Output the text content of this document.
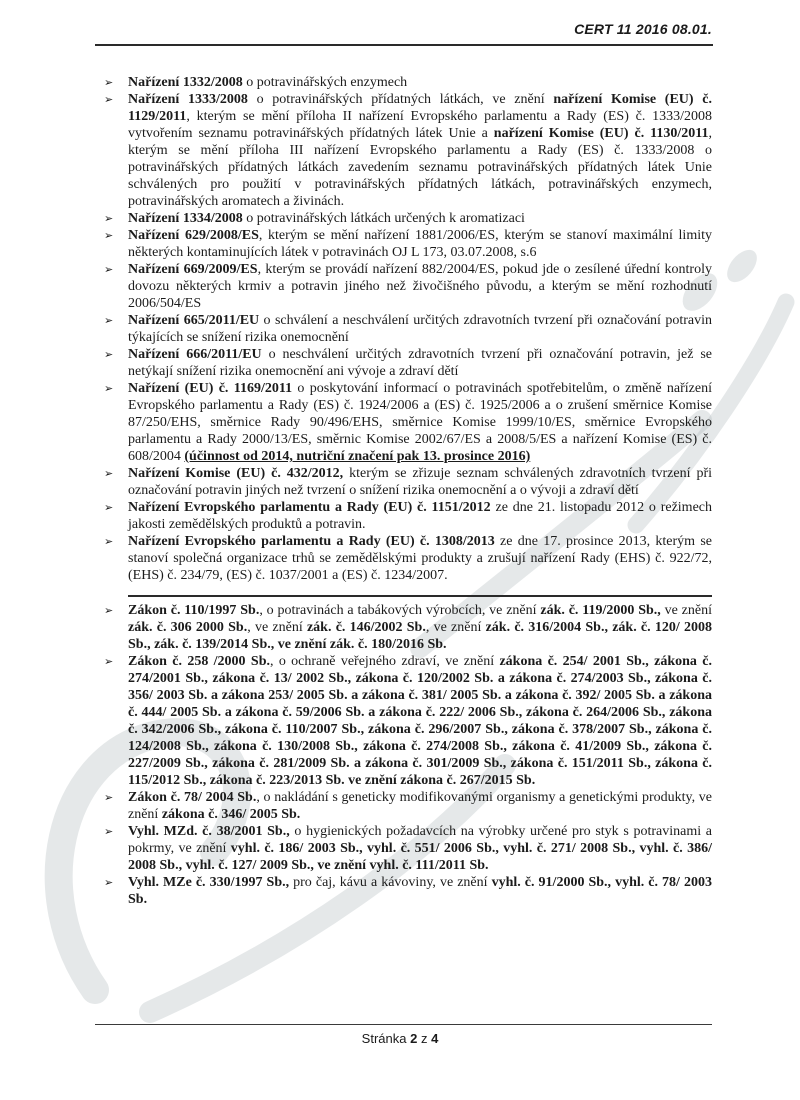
CERT 11 2016 08.01.
➢	Nařízení 1332/2008 o potravinářských enzymech

➢	Nařízení 1333/2008 o potravinářských přídatných látkách, ve znění nařízení Komise (EU) č. 1129/2011, kterým se mění příloha II nařízení Evropského parlamentu a Rady (ES) č. 1333/2008 vytvořením seznamu potravinářských přídatných látek Unie a nařízení Komise (EU) č. 1130/2011, kterým se mění příloha III nařízení Evropského parlamentu a Rady (ES) č. 1333/2008 o potravinářských přídatných látkách zavedením seznamu potravinářských přídatných látek Unie schválených pro použití v potravinářských přídatných látkách, potravinářských enzymech, potravinářských aromatech a živinách.

➢	Nařízení 1334/2008 o potravinářských látkách určených k aromatizaci

➢	Nařízení 629/2008/ES, kterým se mění nařízení 1881/2006/ES, kterým se stanoví maximální limity některých kontaminujících látek v potravinách OJ L 173, 03.07.2008, s.6

➢	Nařízení 669/2009/ES, kterým se provádí nařízení 882/2004/ES, pokud jde o zesílené úřední kontroly dovozu některých krmiv a potravin jiného než živočišného původu, a kterým se mění rozhodnutí 2006/504/ES

➢	Nařízení 665/2011/EU o schválení a neschválení určitých zdravotních tvrzení při označování potravin týkajících se snížení rizika onemocnění

➢	Nařízení 666/2011/EU o neschválení určitých zdravotních tvrzení při označování potravin, jež se netýkají snížení rizika onemocnění ani vývoje a zdraví dětí

➢	Nařízení (EU) č. 1169/2011 o poskytování informací o potravinách spotřebitelům, o změně nařízení Evropského parlamentu a Rady (ES) č. 1924/2006 a (ES) č. 1925/2006 a o zrušení směrnice Komise 87/250/EHS, směrnice Rady 90/496/EHS, směrnice Komise 1999/10/ES, směrnice Evropského parlamentu a Rady 2000/13/ES, směrnic Komise 2002/67/ES a 2008/5/ES a nařízení Komise (ES) č. 608/2004 (účinnost od 2014, nutriční značení pak 13. prosince 2016)

➢	Nařízení Komise (EU) č. 432/2012, kterým se zřizuje seznam schválených zdravotních tvrzení při označování potravin jiných než tvrzení o snížení rizika onemocnění a o vývoji a zdraví dětí

➢	Nařízení Evropského parlamentu a Rady (EU) č. 1151/2012 ze dne 21. listopadu 2012 o režimech jakosti zemědělských produktů a potravin.

➢	Nařízení Evropského parlamentu a Rady (EU) č. 1308/2013 ze dne 17. prosince 2013, kterým se stanoví společná organizace trhů se zemědělskými produkty a zrušují nařízení Rady (EHS) č. 922/72, (EHS) č. 234/79, (ES) č. 1037/2001 a (ES) č. 1234/2007.

➢	Zákon č. 110/1997 Sb., o potravinách a tabákových výrobcích, ve znění zák. č. 119/2000 Sb., ve znění zák. č. 306 2000 Sb., ve znění zák. č. 146/2002 Sb., ve znění zák. č. 316/2004 Sb., zák. č. 120/ 2008 Sb., zák. č. 139/2014 Sb., ve znění zák. č. 180/2016 Sb.

➢	Zákon č. 258 /2000 Sb., o ochraně veřejného zdraví, ve znění zákona č. 254/ 2001 Sb., zákona č. 274/2001 Sb., zákona č. 13/ 2002 Sb., zákona č. 120/2002 Sb. a zákona č. 274/2003 Sb., zákona č. 356/ 2003 Sb. a zákona 253/ 2005 Sb. a zákona č. 381/ 2005 Sb. a zákona č. 392/ 2005 Sb. a zákona č. 444/ 2005 Sb. a zákona č. 59/2006 Sb. a zákona č. 222/ 2006 Sb., zákona č. 264/2006 Sb., zákona č. 342/2006 Sb., zákona č. 110/2007 Sb., zákona č. 296/2007 Sb., zákona č. 378/2007 Sb., zákona č. 124/2008 Sb., zákona č. 130/2008 Sb., zákona č. 274/2008 Sb., zákona č. 41/2009 Sb., zákona č. 227/2009 Sb., zákona č. 281/2009 Sb. a zákona č. 301/2009 Sb., zákona č. 151/2011 Sb., zákona č. 115/2012 Sb., zákona č. 223/2013 Sb. ve znění zákona č. 267/2015 Sb.

➢	Zákon č. 78/ 2004 Sb., o nakládání s geneticky modifikovanými organismy a genetickými produkty, ve znění zákona č. 346/ 2005 Sb.

➢	Vyhl. MZd. č. 38/2001 Sb., o hygienických požadavcích na výrobky určené pro styk s potravinami a pokrmy, ve znění vyhl. č. 186/ 2003 Sb., vyhl. č. 551/ 2006 Sb., vyhl. č. 271/ 2008 Sb., vyhl. č. 386/ 2008 Sb., vyhl. č. 127/ 2009 Sb., ve znění vyhl. č. 111/2011 Sb.

➢	Vyhl. MZe č. 330/1997 Sb., pro čaj, kávu a kávoviny, ve znění vyhl. č. 91/2000 Sb., vyhl. č. 78/ 2003 Sb.

Stránka 2 z 4
